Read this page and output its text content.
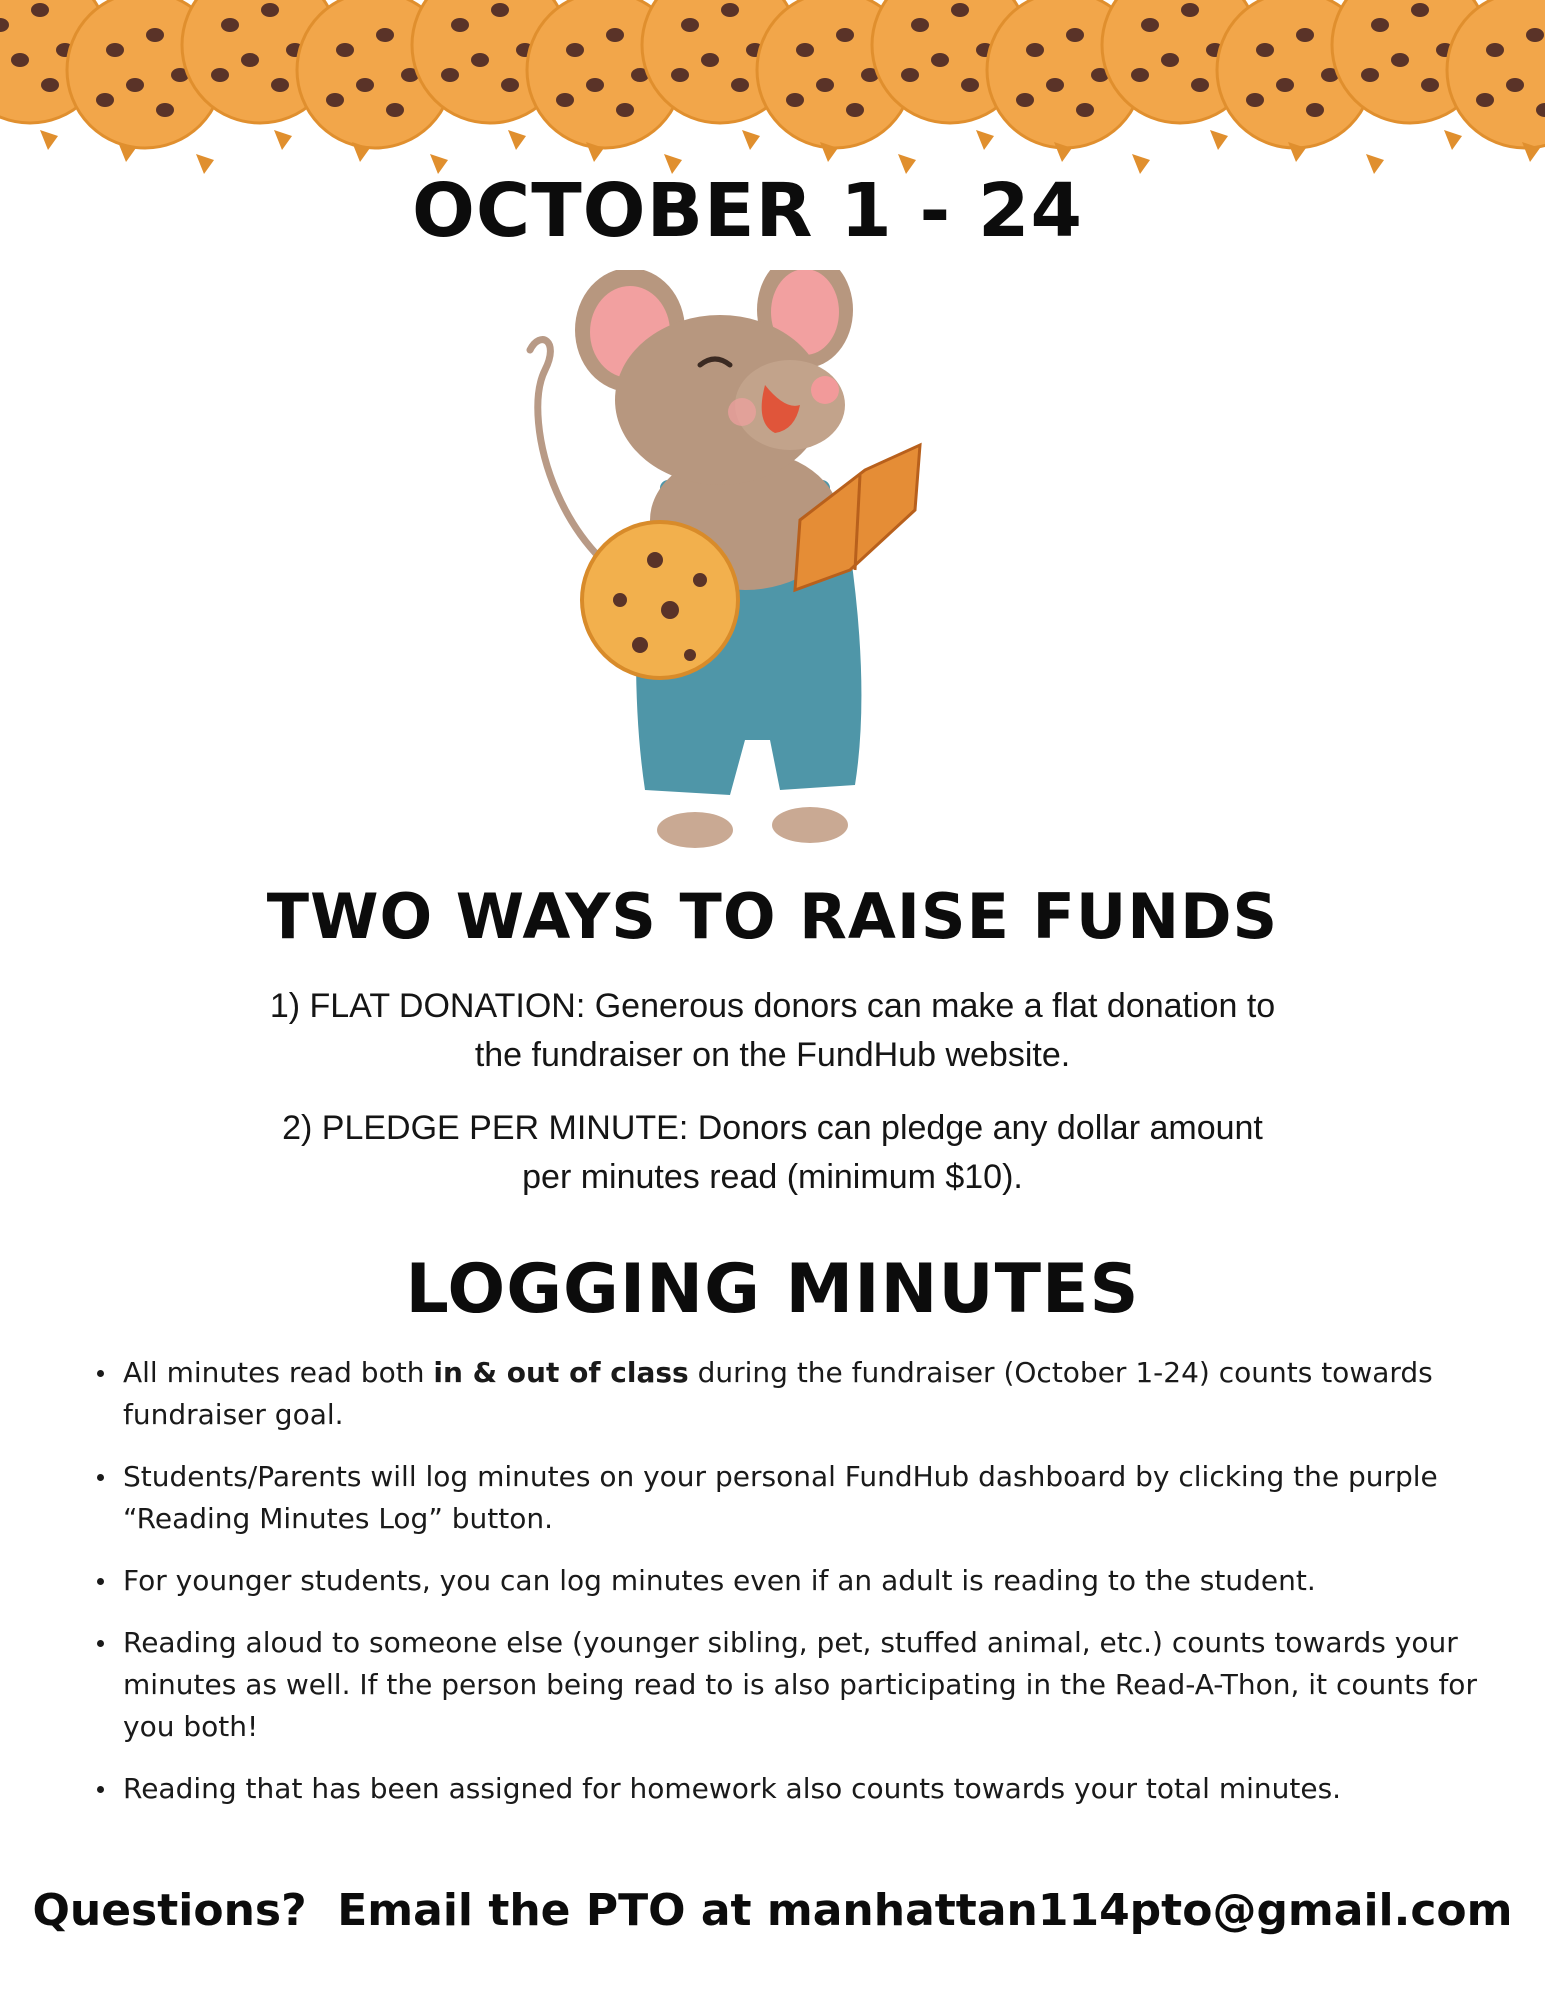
OCTOBER 1 - 24
TWO WAYS TO RAISE FUNDS
1) FLAT DONATION: Generous donors can make a flat donation to
the fundraiser on the FundHub website.
2) PLEDGE PER MINUTE: Donors can pledge any dollar amount
per minutes read (minimum $10).
LOGGING MINUTES
All minutes read both in & out of class during the fundraiser (October 1-24) counts towards fundraiser goal.
Students/Parents will log minutes on your personal FundHub dashboard by clicking the purple “Reading Minutes Log” button.
For younger students, you can log minutes even if an adult is reading to the student.
Reading aloud to someone else (younger sibling, pet, stuffed animal, etc.) counts towards your minutes as well. If the person being read to is also participating in the Read-A-Thon, it counts for you both!
Reading that has been assigned for homework also counts towards your total minutes.
Questions?  Email the PTO at manhattan114pto@gmail.com
